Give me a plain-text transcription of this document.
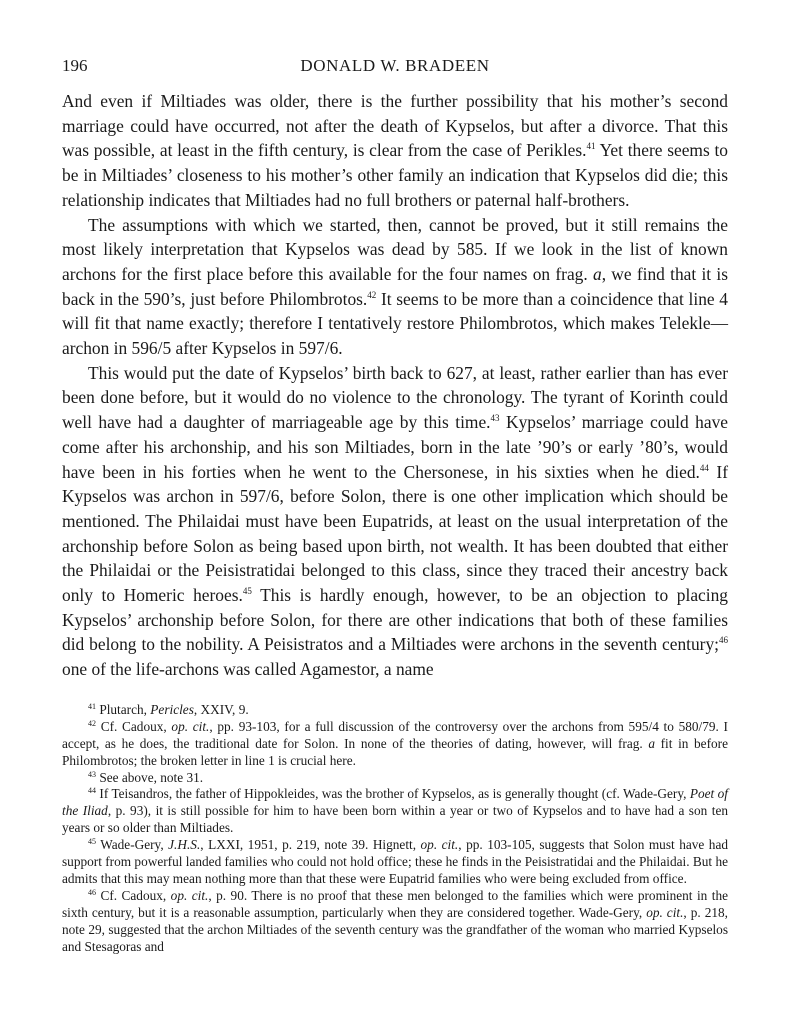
196	DONALD W. BRADEEN

And even if Miltiades was older, there is the further possibility that his mother’s second marriage could have occurred, not after the death of Kypselos, but after a divorce. That this was possible, at least in the fifth century, is clear from the case of Perikles.$^{41}$ Yet there seems to be in Miltiades’ closeness to his mother’s other family an indication that Kypselos did die; this relationship indicates that Miltiades had no full brothers or paternal half-brothers.

The assumptions with which we started, then, cannot be proved, but it still remains the most likely interpretation that Kypselos was dead by 585. If we look in the list of known archons for the first place before this available for the four names on frag. a, we find that it is back in the 590’s, just before Philombrotos.$^{42}$ It seems to be more than a coincidence that line 4 will fit that name exactly; therefore I tentatively restore Philombrotos, which makes Telekle— archon in 596/5 after Kypselos in 597/6.

This would put the date of Kypselos’ birth back to 627, at least, rather earlier than has ever been done before, but it would do no violence to the chronology. The tyrant of Korinth could well have had a daughter of marriageable age by this time.$^{43}$ Kypselos’ marriage could have come after his archonship, and his son Miltiades, born in the late ’90’s or early ’80’s, would have been in his forties when he went to the Chersonese, in his sixties when he died.$^{44}$ If Kypselos was archon in 597/6, before Solon, there is one other implication which should be mentioned. The Philaidai must have been Eupatrids, at least on the usual interpretation of the archonship before Solon as being based upon birth, not wealth. It has been doubted that either the Philaidai or the Peisistratidai belonged to this class, since they traced their ancestry back only to Homeric heroes.$^{45}$ This is hardly enough, however, to be an objection to placing Kypselos’ archonship before Solon, for there are other indications that both of these families did belong to the nobility. A Peisistratos and a Miltiades were archons in the seventh century;$^{46}$ one of the life-archons was called Agamestor, a name

$^{41}$ Plutarch, Pericles, XXIV, 9.

$^{42}$ Cf. Cadoux, op. cit., pp. 93-103, for a full discussion of the controversy over the archons from 595/4 to 580/79. I accept, as he does, the traditional date for Solon. In none of the theories of dating, however, will frag. a fit in before Philombrotos; the broken letter in line 1 is crucial here.

$^{43}$ See above, note 31.

$^{44}$ If Teisandros, the father of Hippokleides, was the brother of Kypselos, as is generally thought (cf. Wade-Gery, Poet of the Iliad, p. 93), it is still possible for him to have been born within a year or two of Kypselos and to have had a son ten years or so older than Miltiades.

$^{45}$ Wade-Gery, J.H.S., LXXI, 1951, p. 219, note 39. Hignett, op. cit., pp. 103-105, suggests that Solon must have had support from powerful landed families who could not hold office; these he finds in the Peisistratidai and the Philaidai. But he admits that this may mean nothing more than that these were Eupatrid families who were being excluded from office.

$^{46}$ Cf. Cadoux, op. cit., p. 90. There is no proof that these men belonged to the families which were prominent in the sixth century, but it is a reasonable assumption, particularly when they are considered together. Wade-Gery, op. cit., p. 218, note 29, suggested that the archon Miltiades of the seventh century was the grandfather of the woman who married Kypselos and Stesagoras and
